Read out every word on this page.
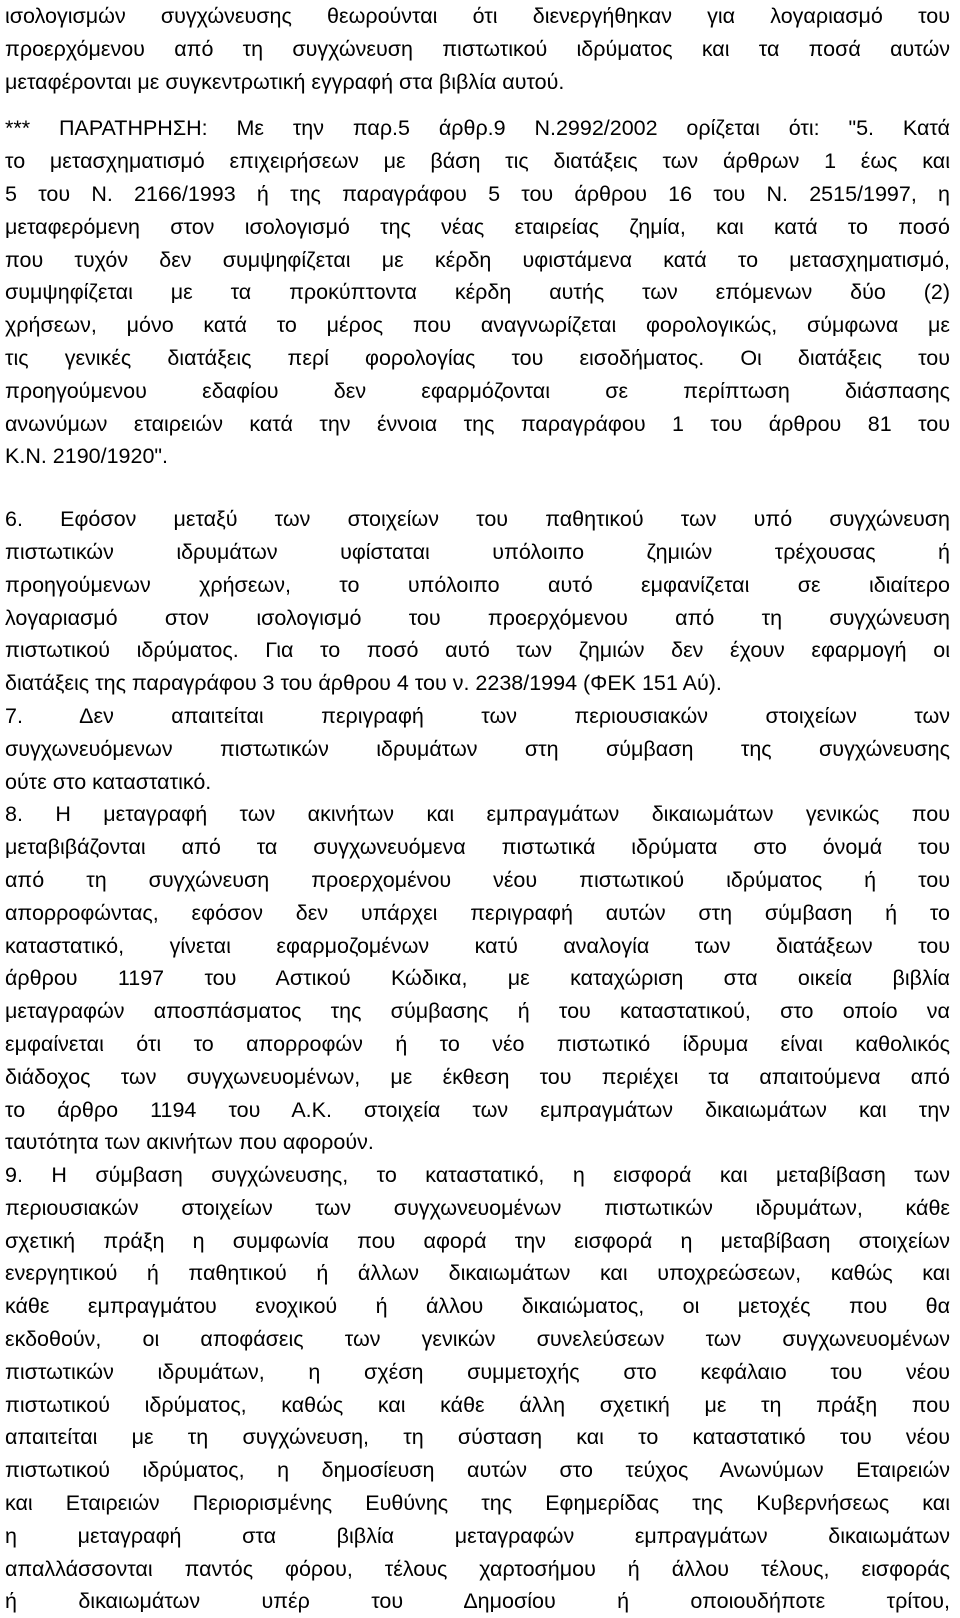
ισολογισμών συγχώνευσης θεωρούνται ότι διενεργήθηκαν για λογαριασμό του
προερχόμενου από τη συγχώνευση πιστωτικού ιδρύματος και τα ποσά αυτών
μεταφέρονται με συγκεντρωτική εγγραφή στα βιβλία αυτού.
*** ΠΑΡΑΤΗΡΗΣΗ: Με την παρ.5 άρθρ.9 Ν.2992/2002 ορίζεται ότι: "5. Κατά
το μετασχηματισμό επιχειρήσεων με βάση τις διατάξεις των άρθρων 1 έως και
5 του Ν. 2166/1993 ή της παραγράφου 5 του άρθρου 16 του Ν. 2515/1997, η
μεταφερόμενη στον ισολογισμό της νέας εταιρείας ζημία, και κατά το ποσό
που τυχόν δεν συμψηφίζεται με κέρδη υφιστάμενα κατά το μετασχηματισμό,
συμψηφίζεται με τα προκύπτοντα κέρδη αυτής των επόμενων δύο (2)
χρήσεων, μόνο κατά το μέρος που αναγνωρίζεται φορολογικώς, σύμφωνα με
τις γενικές διατάξεις περί φορολογίας του εισοδήματος. Οι διατάξεις του
προηγούμενου εδαφίου δεν εφαρμόζονται σε περίπτωση διάσπασης
ανωνύμων εταιρειών κατά την έννοια της παραγράφου 1 του άρθρου 81 του
Κ.Ν. 2190/1920".
6. Εφόσον μεταξύ των στοιχείων του παθητικού των υπό συγχώνευση
πιστωτικών ιδρυμάτων υφίσταται υπόλοιπο ζημιών τρέχουσας ή
προηγούμενων χρήσεων, το υπόλοιπο αυτό εμφανίζεται σε ιδιαίτερο
λογαριασμό στον ισολογισμό του προερχόμενου από τη συγχώνευση
πιστωτικού ιδρύματος. Για το ποσό αυτό των ζημιών δεν έχουν εφαρμογή οι
διατάξεις της παραγράφου 3 του άρθρου 4 του ν. 2238/1994 (ΦΕΚ 151 Αύ).
7. Δεν απαιτείται περιγραφή των περιουσιακών στοιχείων των
συγχωνευόμενων πιστωτικών ιδρυμάτων στη σύμβαση της συγχώνευσης
ούτε στο καταστατικό.
8. Η μεταγραφή των ακινήτων και εμπραγμάτων δικαιωμάτων γενικώς που
μεταβιβάζονται από τα συγχωνευόμενα πιστωτικά ιδρύματα στο όνομά του
από τη συγχώνευση προερχομένου νέου πιστωτικού ιδρύματος ή του
απορροφώντας, εφόσον δεν υπάρχει περιγραφή αυτών στη σύμβαση ή το
καταστατικό, γίνεται εφαρμοζομένων κατύ αναλογία των διατάξεων του
άρθρου 1197 του Αστικού Κώδικα, με καταχώριση στα οικεία βιβλία
μεταγραφών αποσπάσματος της σύμβασης ή του καταστατικού, στο οποίο να
εμφαίνεται ότι το απορροφών ή το νέο πιστωτικό ίδρυμα είναι καθολικός
διάδοχος των συγχωνευομένων, με έκθεση του περιέχει τα απαιτούμενα από
το άρθρο 1194 του Α.Κ. στοιχεία των εμπραγμάτων δικαιωμάτων και την
ταυτότητα των ακινήτων που αφορούν.
9. Η σύμβαση συγχώνευσης, το καταστατικό, η εισφορά και μεταβίβαση των
περιουσιακών στοιχείων των συγχωνευομένων πιστωτικών ιδρυμάτων, κάθε
σχετική πράξη η συμφωνία που αφορά την εισφορά η μεταβίβαση στοιχείων
ενεργητικού ή παθητικού ή άλλων δικαιωμάτων και υποχρεώσεων, καθώς και
κάθε εμπραγμάτου ενοχικού ή άλλου δικαιώματος, οι μετοχές που θα
εκδοθούν, οι αποφάσεις των γενικών συνελεύσεων των συγχωνευομένων
πιστωτικών ιδρυμάτων, η σχέση συμμετοχής στο κεφάλαιο του νέου
πιστωτικού ιδρύματος, καθώς και κάθε άλλη σχετική με τη πράξη που
απαιτείται με τη συγχώνευση, τη σύσταση και το καταστατικό του νέου
πιστωτικού ιδρύματος, η δημοσίευση αυτών στο τεύχος Ανωνύμων Εταιρειών
και Εταιρειών Περιορισμένης Ευθύνης της Εφημερίδας της Κυβερνήσεως και
η μεταγραφή στα βιβλία μεταγραφών εμπραγμάτων δικαιωμάτων
απαλλάσσονται παντός φόρου, τέλους χαρτοσήμου ή άλλου τέλους, εισφοράς
ή δικαιωμάτων υπέρ του Δημοσίου ή οποιουδήποτε τρίτου,
